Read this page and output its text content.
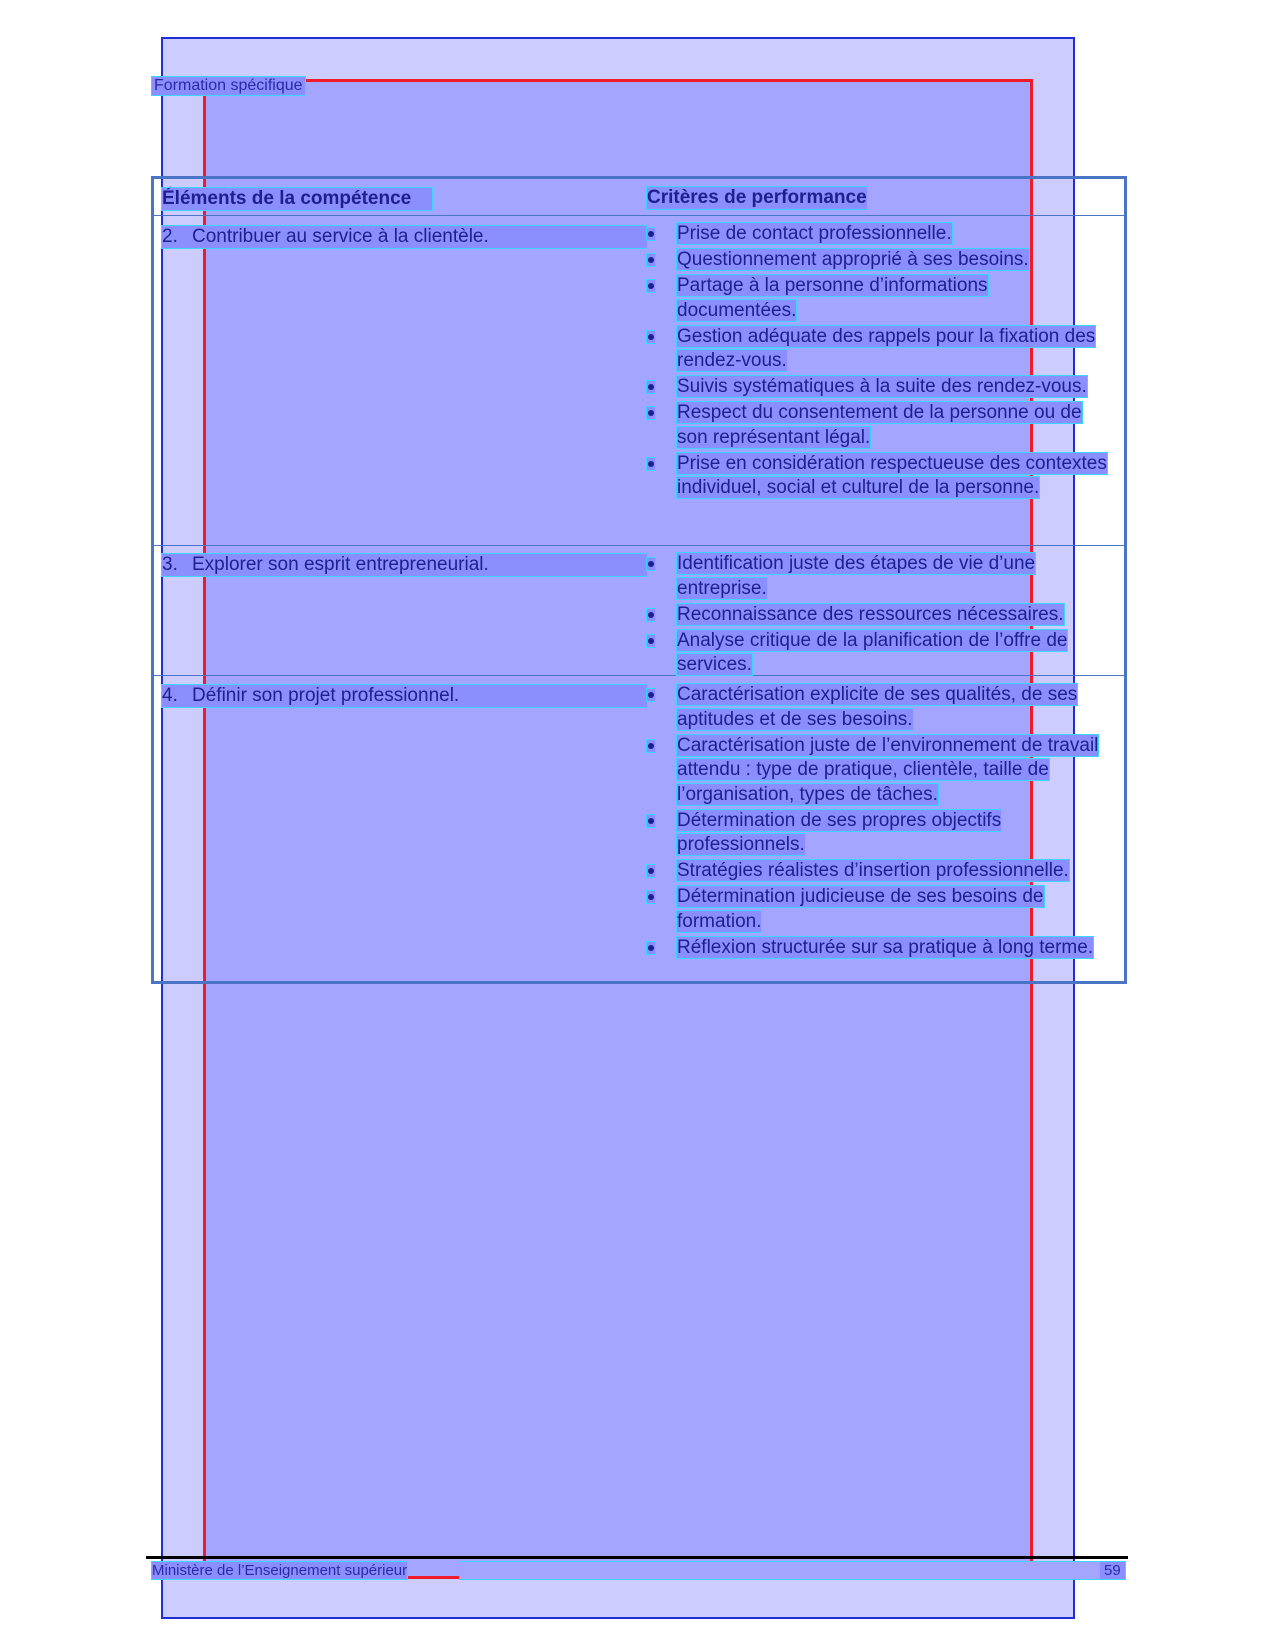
Formation spécifique
Éléments de la compétence	Critères de performance
2. Contribuer au service à la clientèle.	Prise de contact professionnelle.
Questionnement approprié à ses besoins.
Partage à la personne d’informations documentées.
Gestion adéquate des rappels pour la fixation des rendez-vous.
Suivis systématiques à la suite des rendez-vous.
Respect du consentement de la personne ou de son représentant légal.
Prise en considération respectueuse des contextes individuel, social et culturel de la personne.
3. Explorer son esprit entrepreneurial.	Identification juste des étapes de vie d’une entreprise.
Reconnaissance des ressources nécessaires.
Analyse critique de la planification de l’offre de services.
4. Définir son projet professionnel.	Caractérisation explicite de ses qualités, de ses aptitudes et de ses besoins.
Caractérisation juste de l’environnement de travail attendu : type de pratique, clientèle, taille de l’organisation, types de tâches.
Détermination de ses propres objectifs professionnels.
Stratégies réalistes d’insertion professionnelle.
Détermination judicieuse de ses besoins de formation.
Réflexion structurée sur sa pratique à long terme.
Ministère de l’Enseignement supérieur	59
